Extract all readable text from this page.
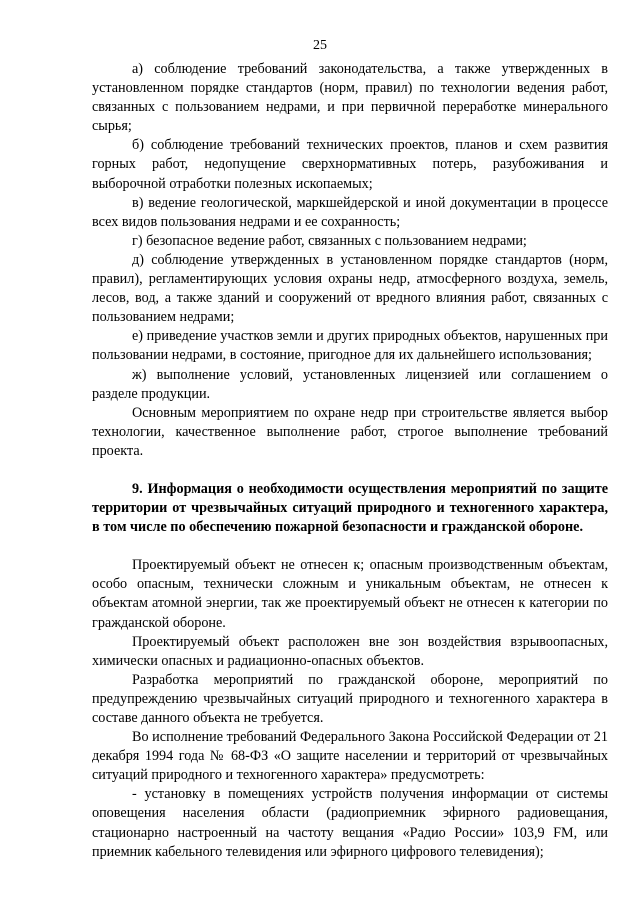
25

а) соблюдение требований законодательства, а также утвержденных в установленном порядке стандартов (норм, правил) по технологии ведения работ, связанных с пользованием недрами, и при первичной переработке минерального сырья;

б) соблюдение требований технических проектов, планов и схем развития горных работ, недопущение сверхнормативных потерь, разубоживания и выборочной отработки полезных ископаемых;

в) ведение геологической, маркшейдерской и иной документации в процессе всех видов пользования недрами и ее сохранность;

г) безопасное ведение работ, связанных с пользованием недрами;

д) соблюдение утвержденных в установленном порядке стандартов (норм, правил), регламентирующих условия охраны недр, атмосферного воздуха, земель, лесов, вод, а также зданий и сооружений от вредного влияния работ, связанных с пользованием недрами;

е) приведение участков земли и других природных объектов, нарушенных при пользовании недрами, в состояние, пригодное для их дальнейшего использования;

ж) выполнение условий, установленных лицензией или соглашением о разделе продукции.

Основным мероприятием по охране недр при строительстве является выбор технологии, качественное выполнение работ, строгое выполнение требований проекта.

9. Информация о необходимости осуществления мероприятий по защите территории от чрезвычайных ситуаций природного и техногенного характера, в том числе по обеспечению пожарной безопасности и гражданской обороне.

Проектируемый объект не отнесен к; опасным производственным объектам, особо опасным, технически сложным и уникальным объектам, не отнесен к объектам атомной энергии, так же проектируемый объект не отнесен к категории по гражданской обороне.

Проектируемый объект расположен вне зон воздействия взрывоопасных, химически опасных и радиационно-опасных объектов.

Разработка мероприятий по гражданской обороне, мероприятий по предупреждению чрезвычайных ситуаций природного и техногенного характера в составе данного объекта не требуется.

Во исполнение требований Федерального Закона Российской Федерации от 21 декабря 1994 года № 68-ФЗ «О защите населении и территорий от чрезвычайных ситуаций природного и техногенного характера» предусмотреть:

- установку в помещениях устройств получения информации от системы оповещения населения области (радиоприемник эфирного радиовещания, стационарно настроенный на частоту вещания «Радио России» 103,9 FM, или приемник кабельного телевидения или эфирного цифрового телевидения);
